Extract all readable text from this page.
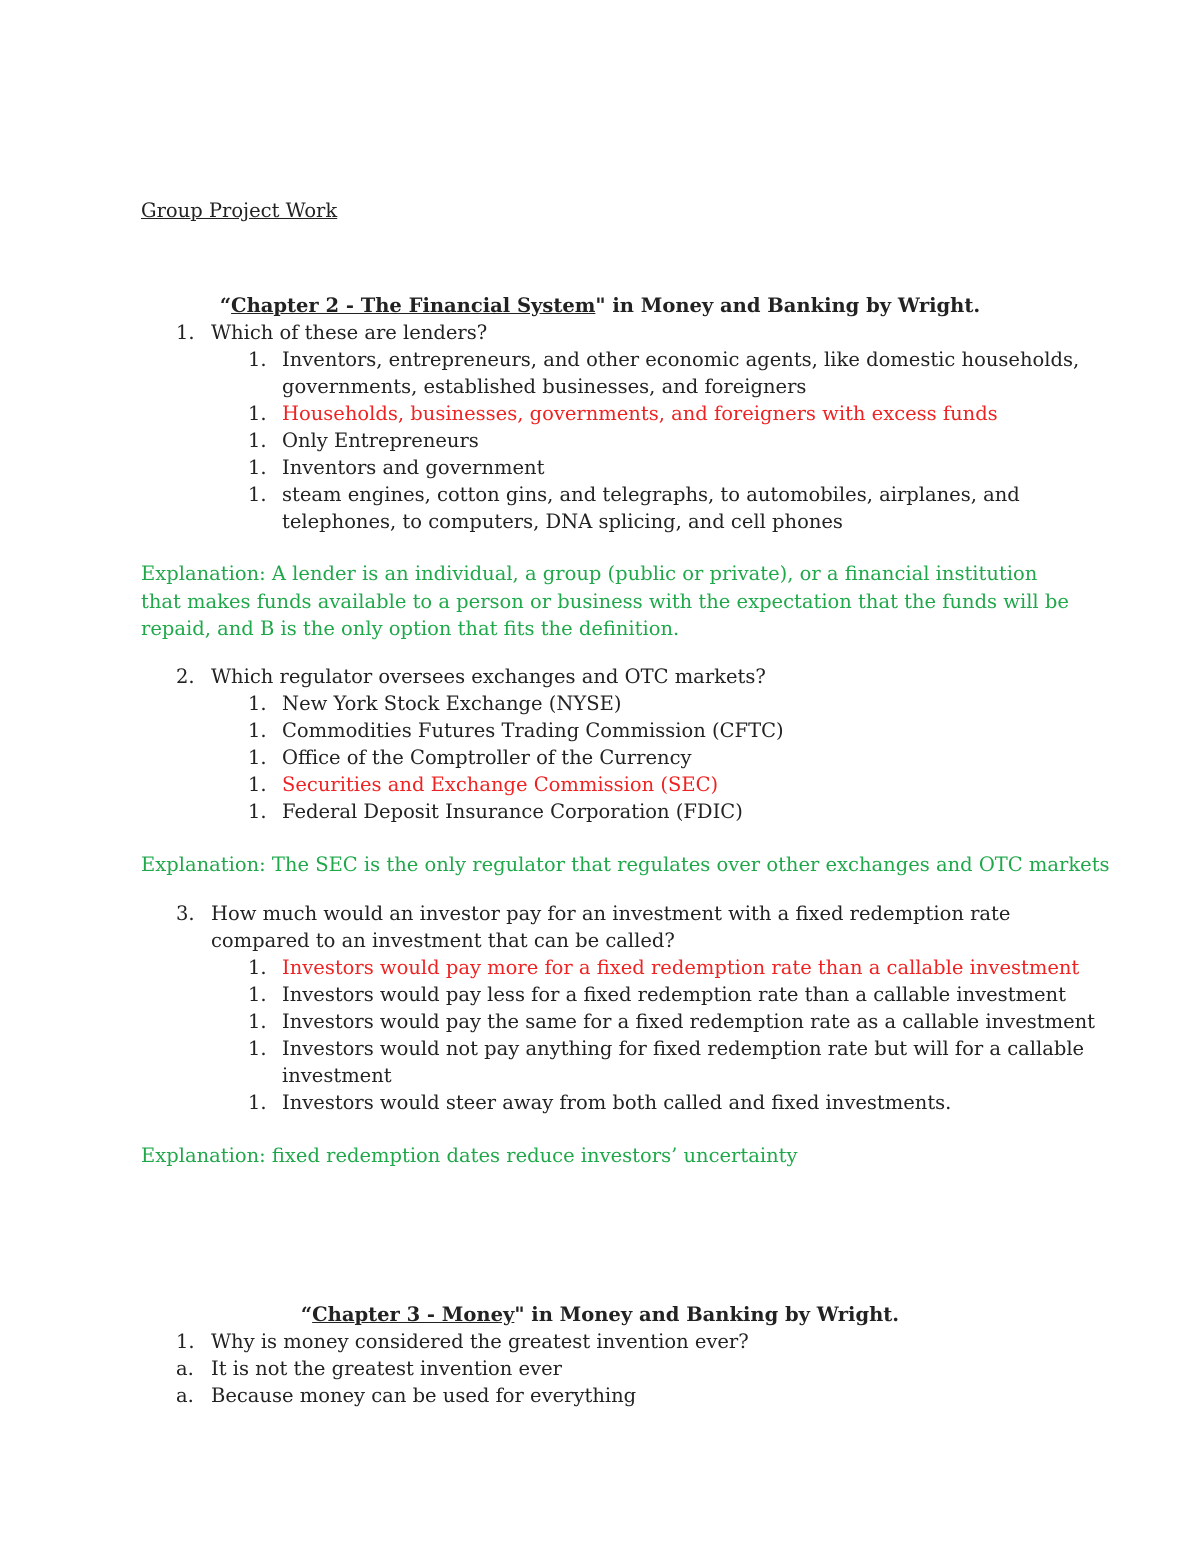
Group Project Work
“Chapter 2 - The Financial System" in Money and Banking by Wright.
1. Which of these are lenders?
1. Inventors, entrepreneurs, and other economic agents, like domestic households,
governments, established businesses, and foreigners
1. Households, businesses, governments, and foreigners with excess funds
1. Only Entrepreneurs
1. Inventors and government
1. steam engines, cotton gins, and telegraphs, to automobiles, airplanes, and
telephones, to computers, DNA splicing, and cell phones
Explanation: A lender is an individual, a group (public or private), or a financial institution that makes funds available to a person or business with the expectation that the funds will be repaid, and B is the only option that fits the definition.
2. Which regulator oversees exchanges and OTC markets?
1. New York Stock Exchange (NYSE)
1. Commodities Futures Trading Commission (CFTC)
1. Office of the Comptroller of the Currency
1. Securities and Exchange Commission (SEC)
1. Federal Deposit Insurance Corporation (FDIC)
Explanation: The SEC is the only regulator that regulates over other exchanges and OTC markets
3. How much would an investor pay for an investment with a fixed redemption rate
compared to an investment that can be called?
1. Investors would pay more for a fixed redemption rate than a callable investment
1. Investors would pay less for a fixed redemption rate than a callable investment
1. Investors would pay the same for a fixed redemption rate as a callable investment
1. Investors would not pay anything for fixed redemption rate but will for a callable
investment
1. Investors would steer away from both called and fixed investments.
Explanation: fixed redemption dates reduce investors’ uncertainty
“Chapter 3 - Money" in Money and Banking by Wright.
1. Why is money considered the greatest invention ever?
a. It is not the greatest invention ever
a. Because money can be used for everything
